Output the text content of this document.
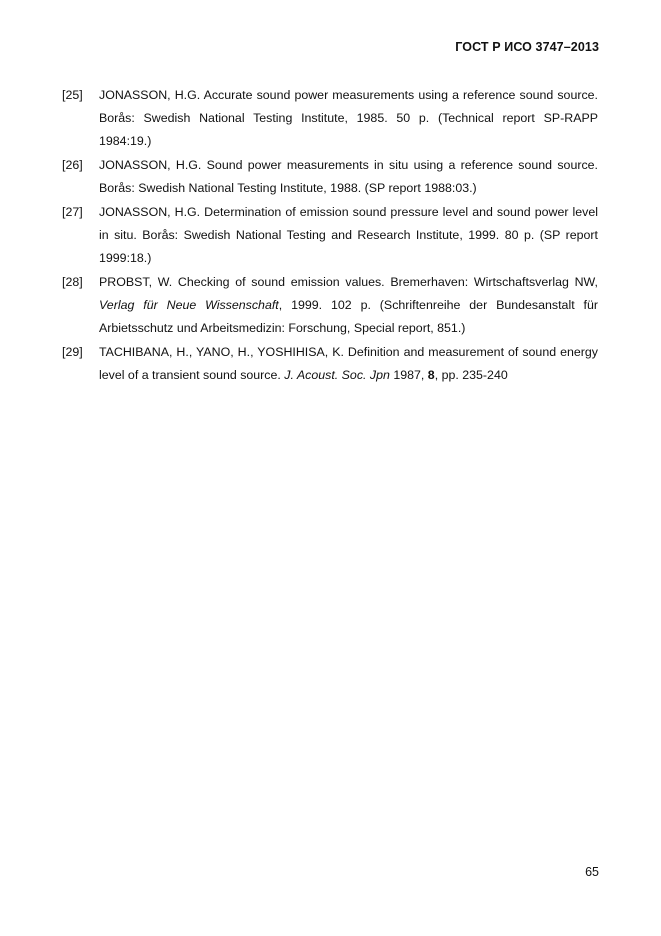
ГОСТ Р ИСО 3747–2013
[25] JONASSON, H.G. Accurate sound power measurements using a reference sound source. Borås: Swedish National Testing Institute, 1985. 50 p. (Technical report SP-RAPP 1984:19.)
[26] JONASSON, H.G. Sound power measurements in situ using a reference sound source. Borås: Swedish National Testing Institute, 1988. (SP report 1988:03.)
[27] JONASSON, H.G. Determination of emission sound pressure level and sound power level in situ. Borås: Swedish National Testing and Research Institute, 1999. 80 p. (SP report 1999:18.)
[28] PROBST, W. Checking of sound emission values. Bremerhaven: Wirtschaftsverlag NW, Verlag für Neue Wissenschaft, 1999. 102 p. (Schriftenreihe der Bundesanstalt für Arbietsschutz und Arbeitsmedizin: Forschung, Special report, 851.)
[29] TACHIBANA, H., YANO, H., YOSHIHISA, K. Definition and measurement of sound energy level of a transient sound source. J. Acoust. Soc. Jpn 1987, 8, pp. 235-240
65
